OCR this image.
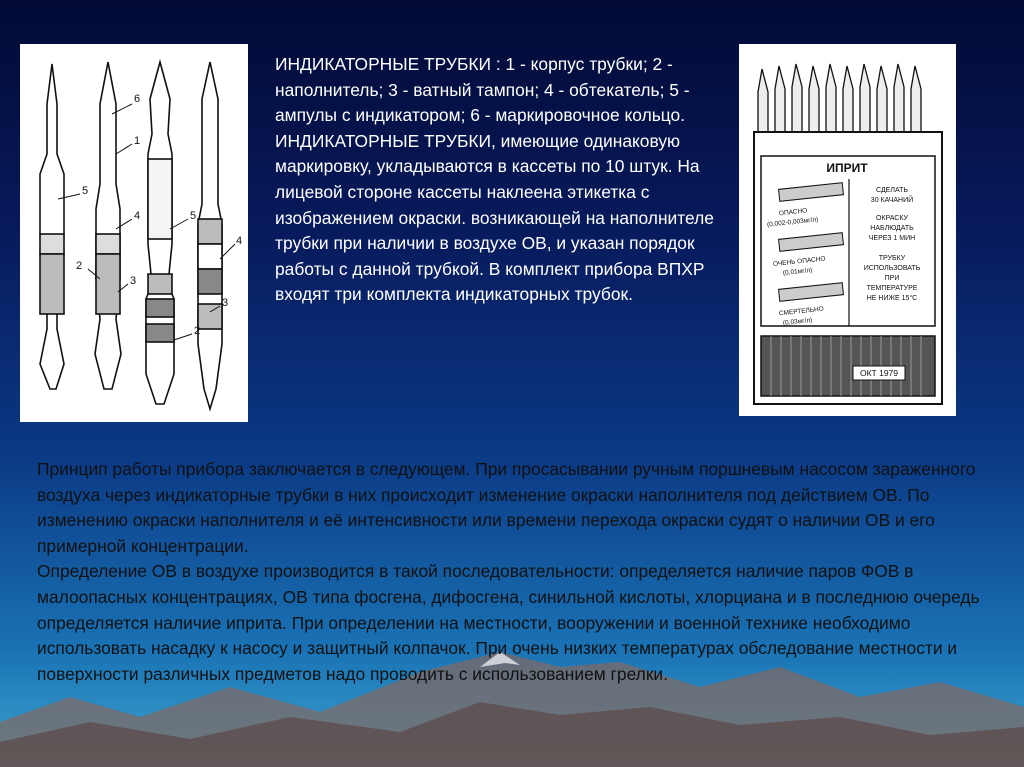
5
6
1
4
2
3
5
4
3
2
ИНДИКАТОРНЫЕ ТРУБКИ : 1 - корпус трубки; 2 - наполнитель; 3 - ватный тампон; 4 - обтекатель; 5 - ампулы с индикатором; 6 - маркировочное кольцо. ИНДИКАТОРНЫЕ ТРУБКИ, имеющие одинаковую маркировку, укладываются в кассеты по 10 штук. На лицевой стороне кассеты наклеена этикетка с изображением окраски. возникающей на наполнителе трубки при наличии в воздухе ОВ, и указан порядок работы с данной трубкой. В комплект прибора ВПХР входят три комплекта индикаторных трубок.
ИПРИТ
ОПАСНО
(0,002-0,003мг/л)
ОЧЕНЬ ОПАСНО
(0,01мг/л)
СМЕРТЕЛЬНО
(0,03мг/л)
СДЕЛАТЬ
30 КАЧАНИЙ
ОКРАСКУ
НАБЛЮДАТЬ
ЧЕРЕЗ 1 МИН
ТРУБКУ
ИСПОЛЬЗОВАТЬ
ПРИ
ТЕМПЕРАТУРЕ
НЕ НИЖЕ 15°С
ОКТ 1979

Принцип работы прибора заключается в следующем. При просасывании ручным поршневым насосом зараженного воздуха через индикаторные трубки в них происходит изменение окраски наполнителя под действием ОВ. По изменению окраски наполнителя и её интенсивности или времени перехода окраски судят о наличии ОВ и его примерной концентрации.

Определение ОВ в воздухе производится в такой последовательности: определяется наличие паров ФОВ в малоопасных концентрациях, ОВ типа фосгена, дифосгена, синильной кислоты, хлорциана и в последнюю очередь определяется наличие иприта. При определении на местности, вооружении и военной технике необходимо использовать насадку к насосу и защитный колпачок. При очень низких температурах обследование местности и поверхности различных предметов надо проводить с использованием грелки.
